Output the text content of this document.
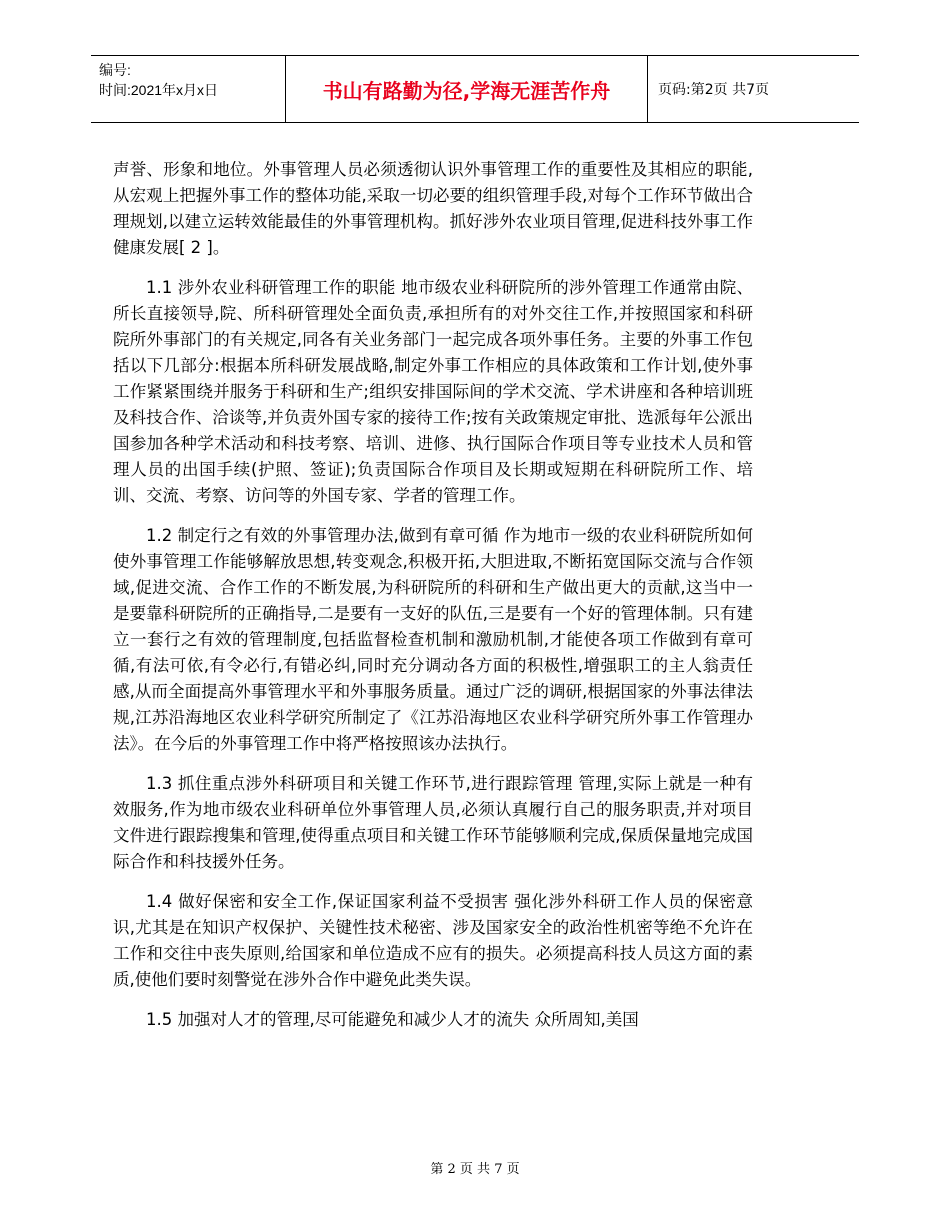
编号:
时间:2021年x月x日	书山有路勤为径,学海无涯苦作舟	页码:第2页 共7页

声誉、形象和地位。外事管理人员必须透彻认识外事管理工作的重要性及其相应的职能,从宏观上把握外事工作的整体功能,采取一切必要的组织管理手段,对每个工作环节做出合理规划,以建立运转效能最佳的外事管理机构。抓好涉外农业项目管理,促进科技外事工作健康发展[ 2 ]。

1.1 涉外农业科研管理工作的职能 地市级农业科研院所的涉外管理工作通常由院、所长直接领导,院、所科研管理处全面负责,承担所有的对外交往工作,并按照国家和科研院所外事部门的有关规定,同各有关业务部门一起完成各项外事任务。主要的外事工作包括以下几部分:根据本所科研发展战略,制定外事工作相应的具体政策和工作计划,使外事工作紧紧围绕并服务于科研和生产;组织安排国际间的学术交流、学术讲座和各种培训班及科技合作、洽谈等,并负责外国专家的接待工作;按有关政策规定审批、选派每年公派出国参加各种学术活动和科技考察、培训、进修、执行国际合作项目等专业技术人员和管理人员的出国手续(护照、签证);负责国际合作项目及长期或短期在科研院所工作、培训、交流、考察、访问等的外国专家、学者的管理工作。

1.2 制定行之有效的外事管理办法,做到有章可循 作为地市一级的农业科研院所如何使外事管理工作能够解放思想,转变观念,积极开拓,大胆进取,不断拓宽国际交流与合作领域,促进交流、合作工作的不断发展,为科研院所的科研和生产做出更大的贡献,这当中一是要靠科研院所的正确指导,二是要有一支好的队伍,三是要有一个好的管理体制。只有建立一套行之有效的管理制度,包括监督检查机制和激励机制,才能使各项工作做到有章可循,有法可依,有令必行,有错必纠,同时充分调动各方面的积极性,增强职工的主人翁责任感,从而全面提高外事管理水平和外事服务质量。通过广泛的调研,根据国家的外事法律法规,江苏沿海地区农业科学研究所制定了《江苏沿海地区农业科学研究所外事工作管理办法》。在今后的外事管理工作中将严格按照该办法执行。

1.3 抓住重点涉外科研项目和关键工作环节,进行跟踪管理 管理,实际上就是一种有效服务,作为地市级农业科研单位外事管理人员,必须认真履行自己的服务职责,并对项目文件进行跟踪搜集和管理,使得重点项目和关键工作环节能够顺利完成,保质保量地完成国际合作和科技援外任务。

1.4 做好保密和安全工作,保证国家利益不受损害 强化涉外科研工作人员的保密意识,尤其是在知识产权保护、关键性技术秘密、涉及国家安全的政治性机密等绝不允许在工作和交往中丧失原则,给国家和单位造成不应有的损失。必须提高科技人员这方面的素质,使他们要时刻警觉在涉外合作中避免此类失误。

1.5 加强对人才的管理,尽可能避免和减少人才的流失 众所周知,美国

第 2 页 共 7 页
